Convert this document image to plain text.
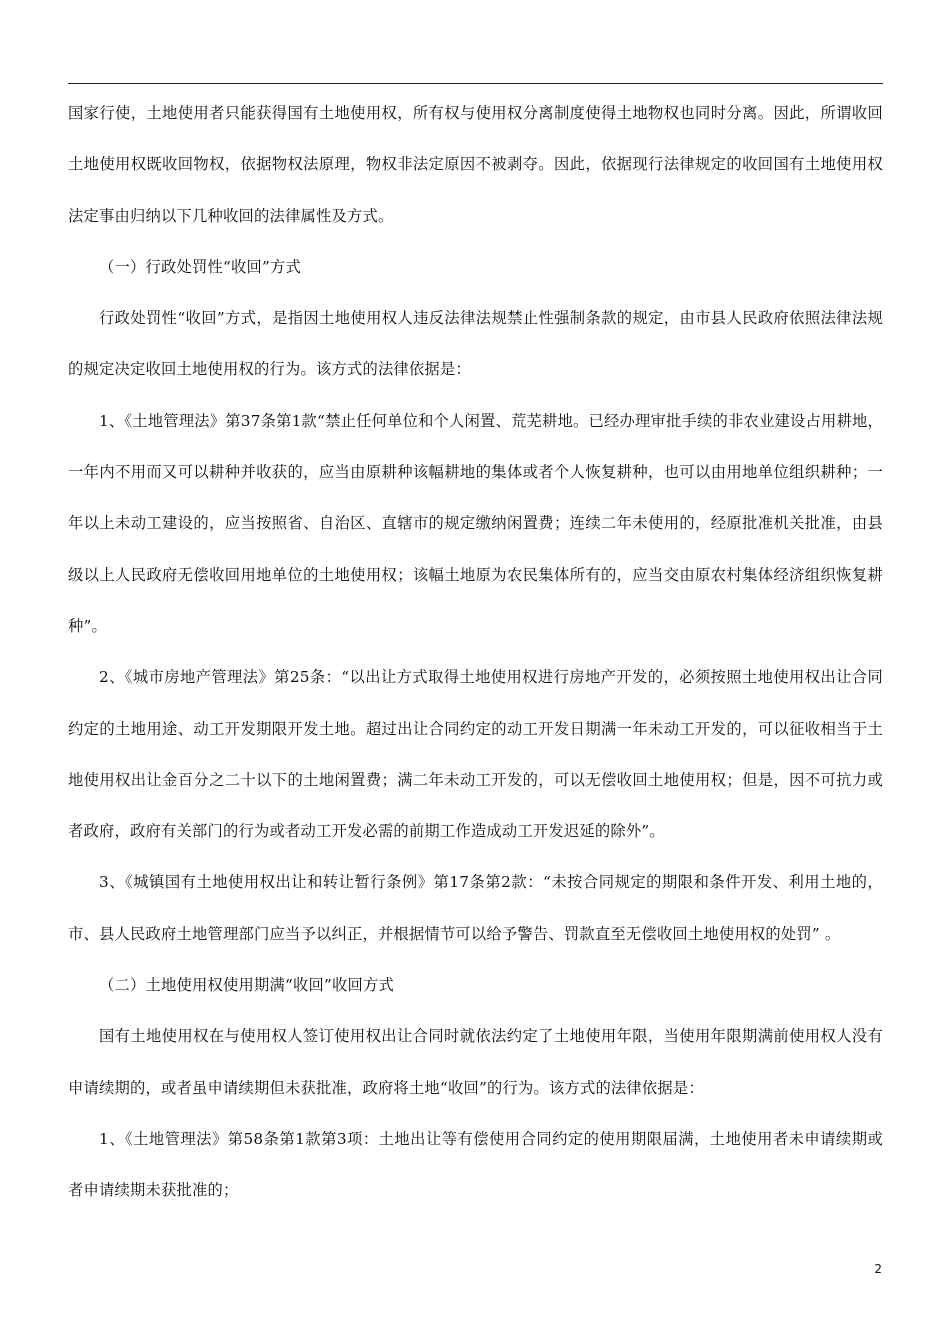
国家行使，土地使用者只能获得国有土地使用权，所有权与使用权分离制度使得土地物权也同时分离。因此，所谓收回土地使用权既收回物权，依据物权法原理，物权非法定原因不被剥夺。因此，依据现行法律规定的收回国有土地使用权法定事由归纳以下几种收回的法律属性及方式。

（一）行政处罚性“收回”方式

行政处罚性“收回”方式，是指因土地使用权人违反法律法规禁止性强制条款的规定，由市县人民政府依照法律法规的规定决定收回土地使用权的行为。该方式的法律依据是：

1、《土地管理法》第37条第1款“禁止任何单位和个人闲置、荒芜耕地。已经办理审批手续的非农业建设占用耕地，一年内不用而又可以耕种并收获的，应当由原耕种该幅耕地的集体或者个人恢复耕种，也可以由用地单位组织耕种；一年以上未动工建设的，应当按照省、自治区、直辖市的规定缴纳闲置费；连续二年未使用的，经原批准机关批准，由县级以上人民政府无偿收回用地单位的土地使用权；该幅土地原为农民集体所有的，应当交由原农村集体经济组织恢复耕种”。

2、《城市房地产管理法》第25条：“以出让方式取得土地使用权进行房地产开发的，必须按照土地使用权出让合同约定的土地用途、动工开发期限开发土地。超过出让合同约定的动工开发日期满一年未动工开发的，可以征收相当于土地使用权出让金百分之二十以下的土地闲置费；满二年未动工开发的，可以无偿收回土地使用权；但是，因不可抗力或者政府，政府有关部门的行为或者动工开发必需的前期工作造成动工开发迟延的除外”。

3、《城镇国有土地使用权出让和转让暂行条例》第17条第2款：“未按合同规定的期限和条件开发、利用土地的，市、县人民政府土地管理部门应当予以纠正，并根据情节可以给予警告、罚款直至无偿收回土地使用权的处罚” 。

（二）土地使用权使用期满“收回”收回方式

国有土地使用权在与使用权人签订使用权出让合同时就依法约定了土地使用年限，当使用年限期满前使用权人没有申请续期的，或者虽申请续期但未获批准，政府将土地“收回”的行为。该方式的法律依据是：

1、《土地管理法》第58条第1款第3项：土地出让等有偿使用合同约定的使用期限届满，土地使用者未申请续期或者申请续期未获批准的；

2
